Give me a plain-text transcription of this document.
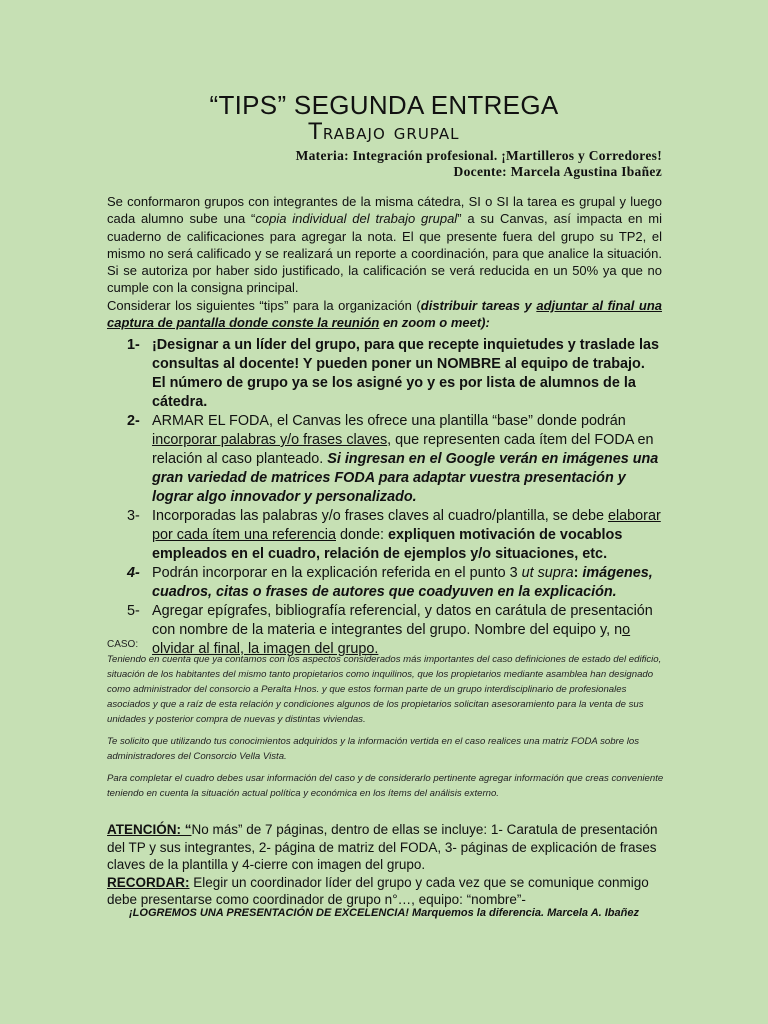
“TIPS” SEGUNDA ENTREGA
Trabajo grupal
Materia: Integración profesional. ¡Martilleros y Corredores!
Docente: Marcela Agustina Ibañez

Se conformaron grupos con integrantes de la misma cátedra, SI o SI la tarea es grupal y luego cada alumno sube una “copia individual del trabajo grupal” a su Canvas, así impacta en mi cuaderno de calificaciones para agregar la nota. El que presente fuera del grupo su TP2, el mismo no será calificado y se realizará un reporte a coordinación, para que analice la situación. Si se autoriza por haber sido justificado, la calificación se verá reducida en un 50% ya que no cumple con la consigna principal.

Considerar los siguientes “tips” para la organización (distribuir tareas y adjuntar al final una captura de pantalla donde conste la reunión en zoom o meet):

1- ¡Designar a un líder del grupo, para que recepte inquietudes y traslade las consultas al docente! Y pueden poner un NOMBRE al equipo de trabajo. El número de grupo ya se los asigné yo y es por lista de alumnos de la cátedra.
2- ARMAR EL FODA, el Canvas les ofrece una plantilla “base” donde podrán incorporar palabras y/o frases claves, que representen cada ítem del FODA en relación al caso planteado. Si ingresan en el Google verán en imágenes una gran variedad de matrices FODA para adaptar vuestra presentación y lograr algo innovador y personalizado.
3- Incorporadas las palabras y/o frases claves al cuadro/plantilla, se debe elaborar por cada ítem una referencia donde: expliquen motivación de vocablos empleados en el cuadro, relación de ejemplos y/o situaciones, etc.
4- Podrán incorporar en la explicación referida en el punto 3 ut supra: imágenes, cuadros, citas o frases de autores que coadyuven en la explicación.
5- Agregar epígrafes, bibliografía referencial, y datos en carátula de presentación con nombre de la materia e integrantes del grupo. Nombre del equipo y, no olvidar al final, la imagen del grupo.
CASO:

Teniendo en cuenta que ya contamos con los aspectos considerados más importantes del caso definiciones de estado del edificio, situación de los habitantes del mismo tanto propietarios como inquilinos, que los propietarios mediante asamblea han designado como administrador del consorcio a Peralta Hnos. y que estos forman parte de un grupo interdisciplinario de profesionales asociados y que a raíz de esta relación y condiciones algunos de los propietarios solicitan asesoramiento para la venta de sus unidades y posterior compra de nuevas y distintas viviendas.

Te solicito que utilizando tus conocimientos adquiridos y la información vertida en el caso realices una matriz FODA sobre los administradores del Consorcio Vella Vista.

Para completar el cuadro debes usar información del caso y de considerarlo pertinente agregar información que creas conveniente teniendo en cuenta la situación actual política y económica en los ítems del análisis externo.

ATENCIÓN: “No más” de 7 páginas, dentro de ellas se incluye: 1- Caratula de presentación del TP y sus integrantes, 2- página de matriz del FODA, 3- páginas de explicación de frases claves de la plantilla y 4-cierre con imagen del grupo.

RECORDAR: Elegir un coordinador líder del grupo y cada vez que se comunique conmigo debe presentarse como coordinador de grupo n°…, equipo: “nombre”-

¡LOGREMOS UNA PRESENTACIÓN DE EXCELENCIA! Marquemos la diferencia. Marcela A. Ibañez
